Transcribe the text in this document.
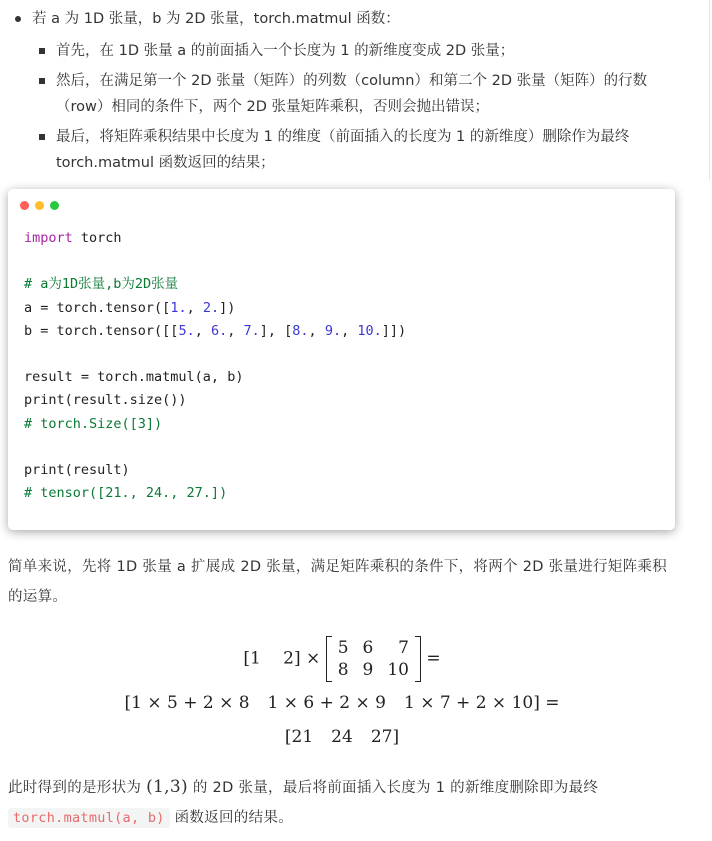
若 a 为 1D 张量，b 为 2D 张量，torch.matmul 函数：
首先，在 1D 张量 a 的前面插入一个长度为 1 的新维度变成 2D 张量；
然后，在满足第一个 2D 张量（矩阵）的列数（column）和第二个 2D 张量（矩阵）的行数（row）相同的条件下，两个 2D 张量矩阵乘积，否则会抛出错误；
最后，将矩阵乘积结果中长度为 1 的维度（前面插入的长度为 1 的新维度）删除作为最终 torch.matmul 函数返回的结果；
import torch
# a为1D张量,b为2D张量
a = torch.tensor([1., 2.])
b = torch.tensor([[5., 6., 7.], [8., 9., 10.]])
result = torch.matmul(a, b)
print(result.size())
# torch.Size([3])
print(result)
# tensor([21., 24., 27.])

简单来说，先将 1D 张量 a 扩展成 2D 张量，满足矩阵乘积的条件下，将两个 2D 张量进行矩阵乘积的运算。

[1  2] ×
5	6	7
8	9	10
=
[1 × 5 + 2 × 8 1 × 6 + 2 × 9 1 × 7 + 2 × 10] =
[21 24 27]

此时得到的是形状为 (1,3) 的 2D 张量，最后将前面插入长度为 1 的新维度删除即为最终
torch.matmul(a, b) 函数返回的结果。
